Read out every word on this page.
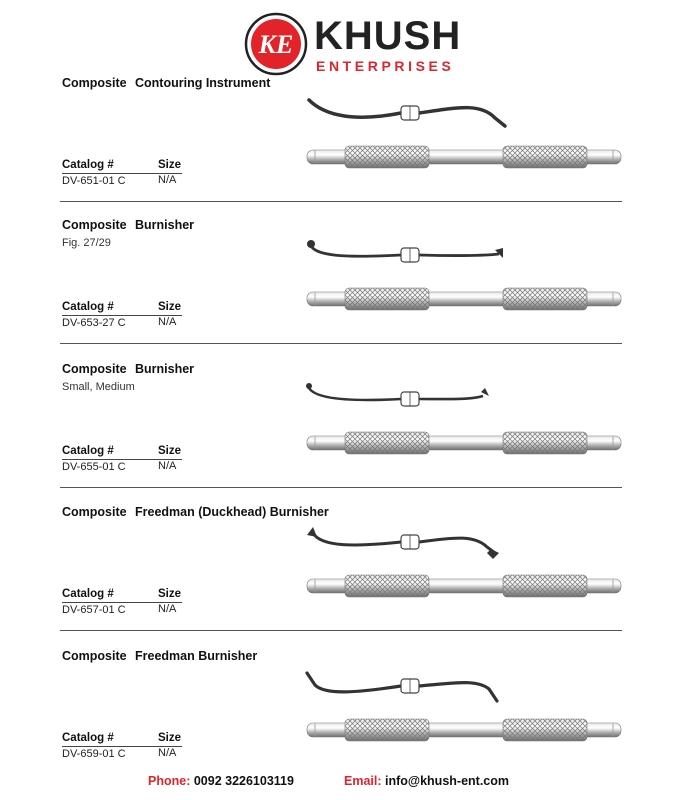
KE KHUSH
ENTERPRISES
Composite Contouring Instrument
Catalog #	Size
DV-651-01 C	N/A
Composite Burnisher
Fig. 27/29
Catalog #	Size
DV-653-27 C	N/A
Composite Burnisher
Small, Medium
Catalog #	Size
DV-655-01 C	N/A
Composite Freedman (Duckhead) Burnisher
Catalog #	Size
DV-657-01 C	N/A
Composite Freedman Burnisher
Catalog #	Size
DV-659-01 C	N/A
Phone: 0092 3226103119	Email: info@khush-ent.com
